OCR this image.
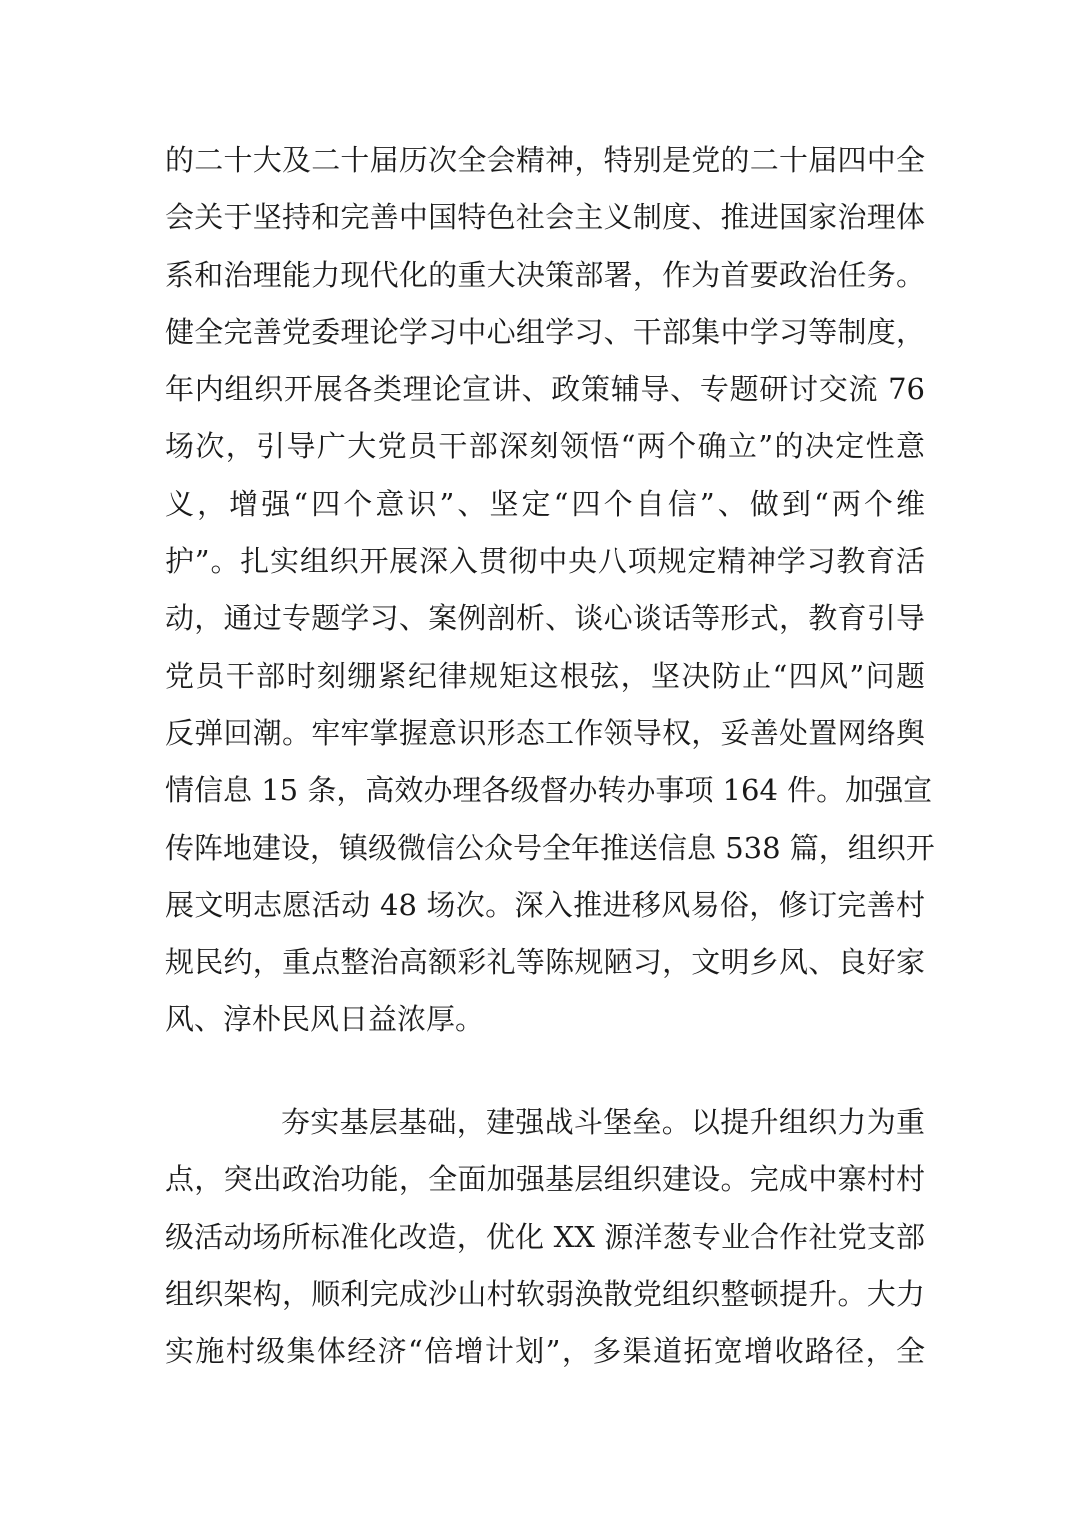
的二十大及二十届历次全会精神，特别是党的二十届四中全
会关于坚持和完善中国特色社会主义制度、推进国家治理体
系和治理能力现代化的重大决策部署，作为首要政治任务。
健全完善党委理论学习中心组学习、干部集中学习等制度，
年内组织开展各类理论宣讲、政策辅导、专题研讨交流 76
场次，引导广大党员干部深刻领悟“两个确立”的决定性意
义，增强“四个意识”、坚定“四个自信”、做到“两个维
护”。扎实组织开展深入贯彻中央八项规定精神学习教育活
动，通过专题学习、案例剖析、谈心谈话等形式，教育引导
党员干部时刻绷紧纪律规矩这根弦，坚决防止“四风”问题
反弹回潮。牢牢掌握意识形态工作领导权，妥善处置网络舆
情信息 15 条，高效办理各级督办转办事项 164 件。加强宣
传阵地建设，镇级微信公众号全年推送信息 538 篇，组织开
展文明志愿活动 48 场次。深入推进移风易俗，修订完善村
规民约，重点整治高额彩礼等陈规陋习，文明乡风、良好家
风、淳朴民风日益浓厚。
夯实基层基础，建强战斗堡垒。以提升组织力为重
点，突出政治功能，全面加强基层组织建设。完成中寨村村
级活动场所标准化改造，优化 XX 源洋葱专业合作社党支部
组织架构，顺利完成沙山村软弱涣散党组织整顿提升。大力
实施村级集体经济“倍增计划”，多渠道拓宽增收路径，全
